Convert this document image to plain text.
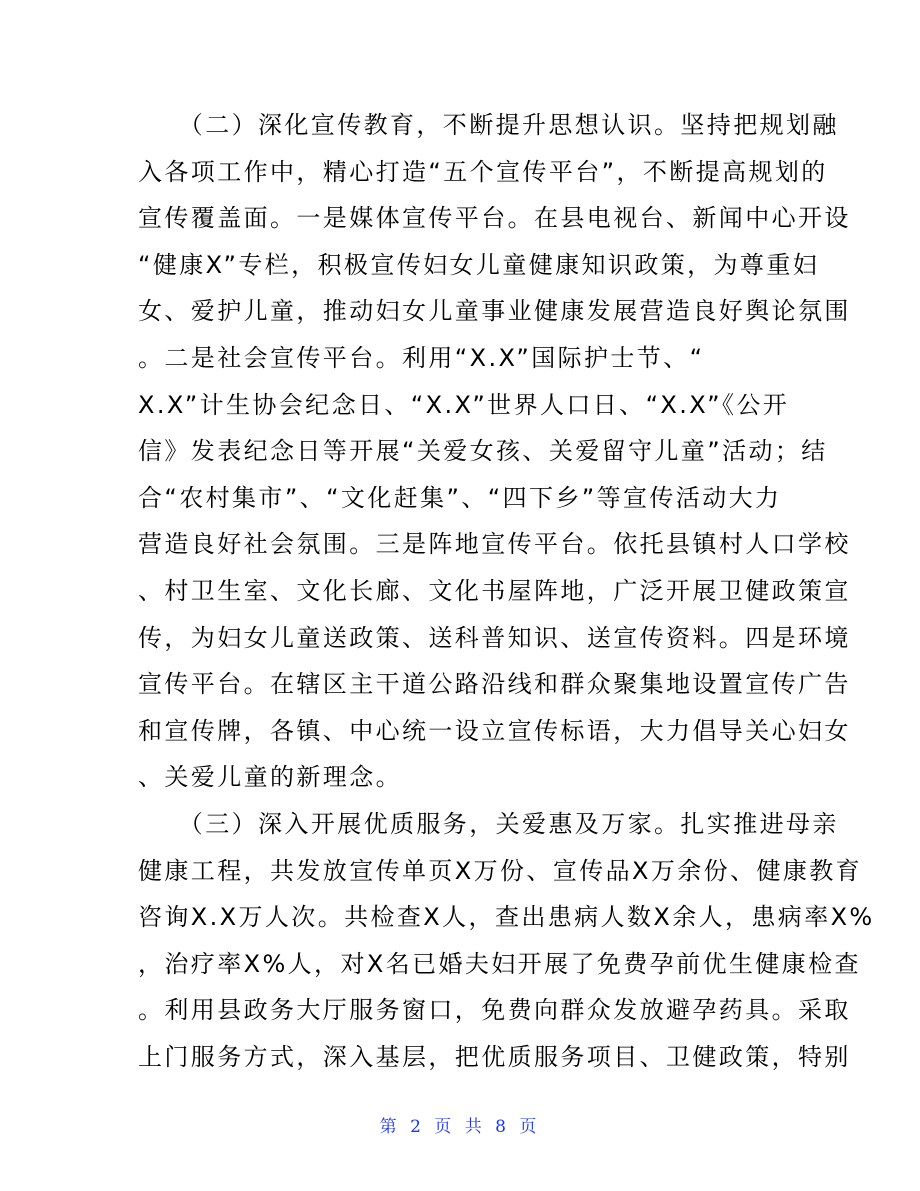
　　（二）深化宣传教育，不断提升思想认识。坚持把规划融
入各项工作中，精心打造“五个宣传平台”，不断提高规划的
宣传覆盖面。一是媒体宣传平台。在县电视台、新闻中心开设
“健康X”专栏，积极宣传妇女儿童健康知识政策，为尊重妇
女、爱护儿童，推动妇女儿童事业健康发展营造良好舆论氛围
。二是社会宣传平台。利用“X.X”国际护士节、“
X.X”计生协会纪念日、“X.X”世界人口日、“X.X”《公开
信》发表纪念日等开展“关爱女孩、关爱留守儿童”活动；结
合“农村集市”、“文化赶集”、“四下乡”等宣传活动大力
营造良好社会氛围。三是阵地宣传平台。依托县镇村人口学校
、村卫生室、文化长廊、文化书屋阵地，广泛开展卫健政策宣
传，为妇女儿童送政策、送科普知识、送宣传资料。四是环境
宣传平台。在辖区主干道公路沿线和群众聚集地设置宣传广告
和宣传牌，各镇、中心统一设立宣传标语，大力倡导关心妇女
、关爱儿童的新理念。
　　（三）深入开展优质服务，关爱惠及万家。扎实推进母亲
健康工程，共发放宣传单页X万份、宣传品X万余份、健康教育
咨询X.X万人次。共检查X人，查出患病人数X余人，患病率X%
，治疗率X%人，对X名已婚夫妇开展了免费孕前优生健康检查
。利用县政务大厅服务窗口，免费向群众发放避孕药具。采取
上门服务方式，深入基层，把优质服务项目、卫健政策，特别
第 2 页 共 8 页
